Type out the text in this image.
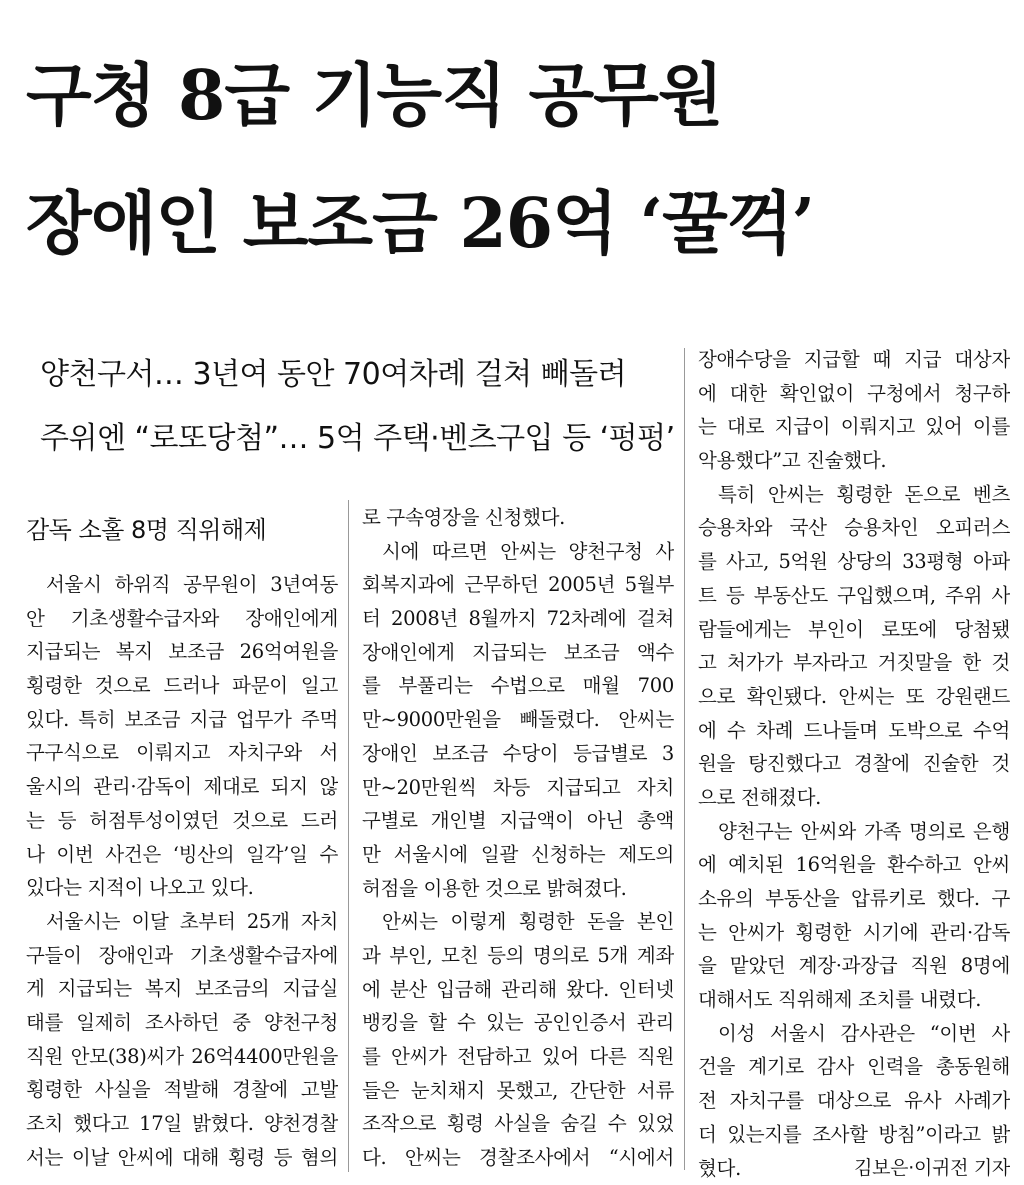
구청 8급 기능직 공무원
장애인 보조금 26억 ‘꿀꺽’
양천구서… 3년여 동안 70여차례 걸쳐 빼돌려
주위엔 “로또당첨”… 5억 주택·벤츠구입 등 ‘펑펑’
감독 소홀 8명 직위해제
서울시 하위직 공무원이 3년여동
안 기초생활수급자와 장애인에게
지급되는 복지 보조금 26억여원을
횡령한 것으로 드러나 파문이 일고
있다. 특히 보조금 지급 업무가 주먹
구구식으로 이뤄지고 자치구와 서
울시의 관리·감독이 제대로 되지 않
는 등 허점투성이였던 것으로 드러
나 이번 사건은 ‘빙산의 일각’일 수
있다는 지적이 나오고 있다.
서울시는 이달 초부터 25개 자치
구들이 장애인과 기초생활수급자에
게 지급되는 복지 보조금의 지급실
태를 일제히 조사하던 중 양천구청
직원 안모(38)씨가 26억4400만원을
횡령한 사실을 적발해 경찰에 고발
조치 했다고 17일 밝혔다. 양천경찰
서는 이날 안씨에 대해 횡령 등 혐의
로 구속영장을 신청했다.
시에 따르면 안씨는 양천구청 사
회복지과에 근무하던 2005년 5월부
터 2008년 8월까지 72차례에 걸쳐
장애인에게 지급되는 보조금 액수
를 부풀리는 수법으로 매월 700
만~9000만원을 빼돌렸다. 안씨는
장애인 보조금 수당이 등급별로 3
만~20만원씩 차등 지급되고 자치
구별로 개인별 지급액이 아닌 총액
만 서울시에 일괄 신청하는 제도의
허점을 이용한 것으로 밝혀졌다.
안씨는 이렇게 횡령한 돈을 본인
과 부인, 모친 등의 명의로 5개 계좌
에 분산 입금해 관리해 왔다. 인터넷
뱅킹을 할 수 있는 공인인증서 관리
를 안씨가 전담하고 있어 다른 직원
들은 눈치채지 못했고, 간단한 서류
조작으로 횡령 사실을 숨길 수 있었
다. 안씨는 경찰조사에서 “시에서
장애수당을 지급할 때 지급 대상자
에 대한 확인없이 구청에서 청구하
는 대로 지급이 이뤄지고 있어 이를
악용했다”고 진술했다.
특히 안씨는 횡령한 돈으로 벤츠
승용차와 국산 승용차인 오피러스
를 사고, 5억원 상당의 33평형 아파
트 등 부동산도 구입했으며, 주위 사
람들에게는 부인이 로또에 당첨됐
고 처가가 부자라고 거짓말을 한 것
으로 확인됐다. 안씨는 또 강원랜드
에 수 차례 드나들며 도박으로 수억
원을 탕진했다고 경찰에 진술한 것
으로 전해졌다.
양천구는 안씨와 가족 명의로 은행
에 예치된 16억원을 환수하고 안씨
소유의 부동산을 압류키로 했다. 구
는 안씨가 횡령한 시기에 관리·감독
을 맡았던 계장·과장급 직원 8명에
대해서도 직위해제 조치를 내렸다.
이성 서울시 감사관은 “이번 사
건을 계기로 감사 인력을 총동원해
전 자치구를 대상으로 유사 사례가
더 있는지를 조사할 방침”이라고 밝
혔다.	김보은·이귀전 기자
